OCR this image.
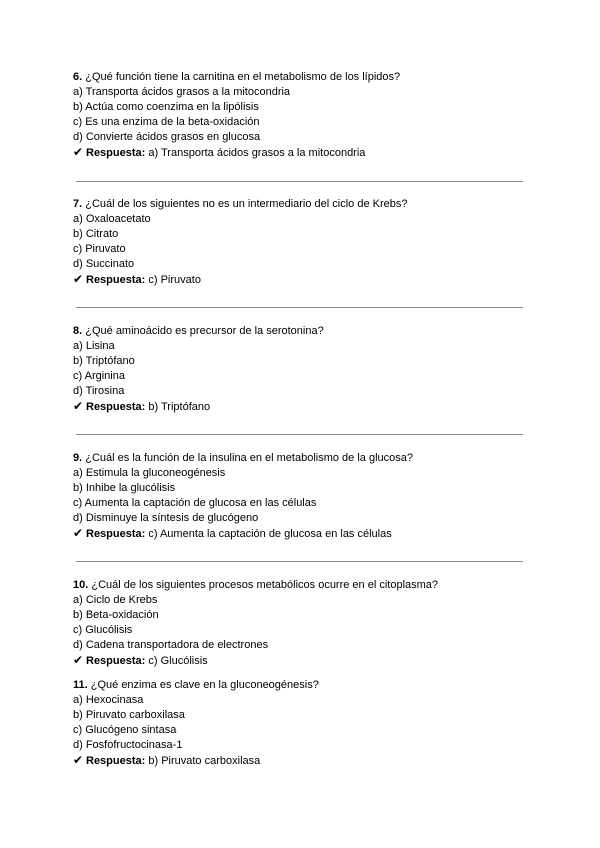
6. ¿Qué función tiene la carnitina en el metabolismo de los lípidos?
a) Transporta ácidos grasos a la mitocondria
b) Actúa como coenzima en la lipólisis
c) Es una enzima de la beta-oxidación
d) Convierte ácidos grasos en glucosa
✔ Respuesta: a) Transporta ácidos grasos a la mitocondria
7. ¿Cuál de los siguientes no es un intermediario del ciclo de Krebs?
a) Oxaloacetato
b) Citrato
c) Piruvato
d) Succinato
✔ Respuesta: c) Piruvato
8. ¿Qué aminoácido es precursor de la serotonina?
a) Lisina
b) Triptófano
c) Arginina
d) Tirosina
✔ Respuesta: b) Triptófano
9. ¿Cuál es la función de la insulina en el metabolismo de la glucosa?
a) Estimula la gluconeogénesis
b) Inhibe la glucólisis
c) Aumenta la captación de glucosa en las células
d) Disminuye la síntesis de glucógeno
✔ Respuesta: c) Aumenta la captación de glucosa en las células
10. ¿Cuál de los siguientes procesos metabólicos ocurre en el citoplasma?
a) Ciclo de Krebs
b) Beta-oxidación
c) Glucólisis
d) Cadena transportadora de electrones
✔ Respuesta: c) Glucólisis
11. ¿Qué enzima es clave en la gluconeogénesis?
a) Hexocinasa
b) Piruvato carboxilasa
c) Glucógeno sintasa
d) Fosfofructocinasa-1
✔ Respuesta: b) Piruvato carboxilasa
